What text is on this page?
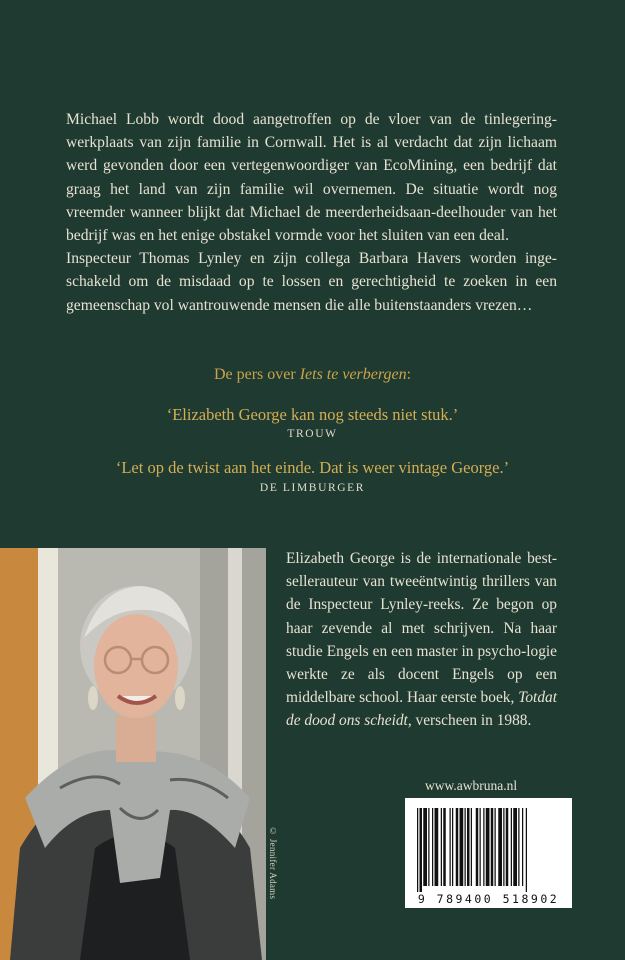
Michael Lobb wordt dood aangetroffen op de vloer van de tinlegering-werkplaats van zijn familie in Cornwall. Het is al verdacht dat zijn lichaam werd gevonden door een vertegenwoordiger van EcoMining, een bedrijf dat graag het land van zijn familie wil overnemen. De situatie wordt nog vreemder wanneer blijkt dat Michael de meerderheidsaan-deelhouder van het bedrijf was en het enige obstakel vormde voor het sluiten van een deal.

Inspecteur Thomas Lynley en zijn collega Barbara Havers worden inge-schakeld om de misdaad op te lossen en gerechtigheid te zoeken in een gemeenschap vol wantrouwende mensen die alle buitenstaanders vrezen…

De pers over Iets te verbergen:
‘Elizabeth George kan nog steeds niet stuk.’
TROUW
‘Let op de twist aan het einde. Dat is weer vintage George.’
DE LIMBURGER
© Jennifer Adams
Elizabeth George is de internationale best-sellerauteur van tweeëntwintig thrillers van de Inspecteur Lynley-reeks. Ze begon op haar zevende al met schrijven. Na haar studie Engels en een master in psycho-logie werkte ze als docent Engels op een middelbare school. Haar eerste boek, Totdat de dood ons scheidt, verscheen in 1988.
www.awbruna.nl
9 789400 518902
